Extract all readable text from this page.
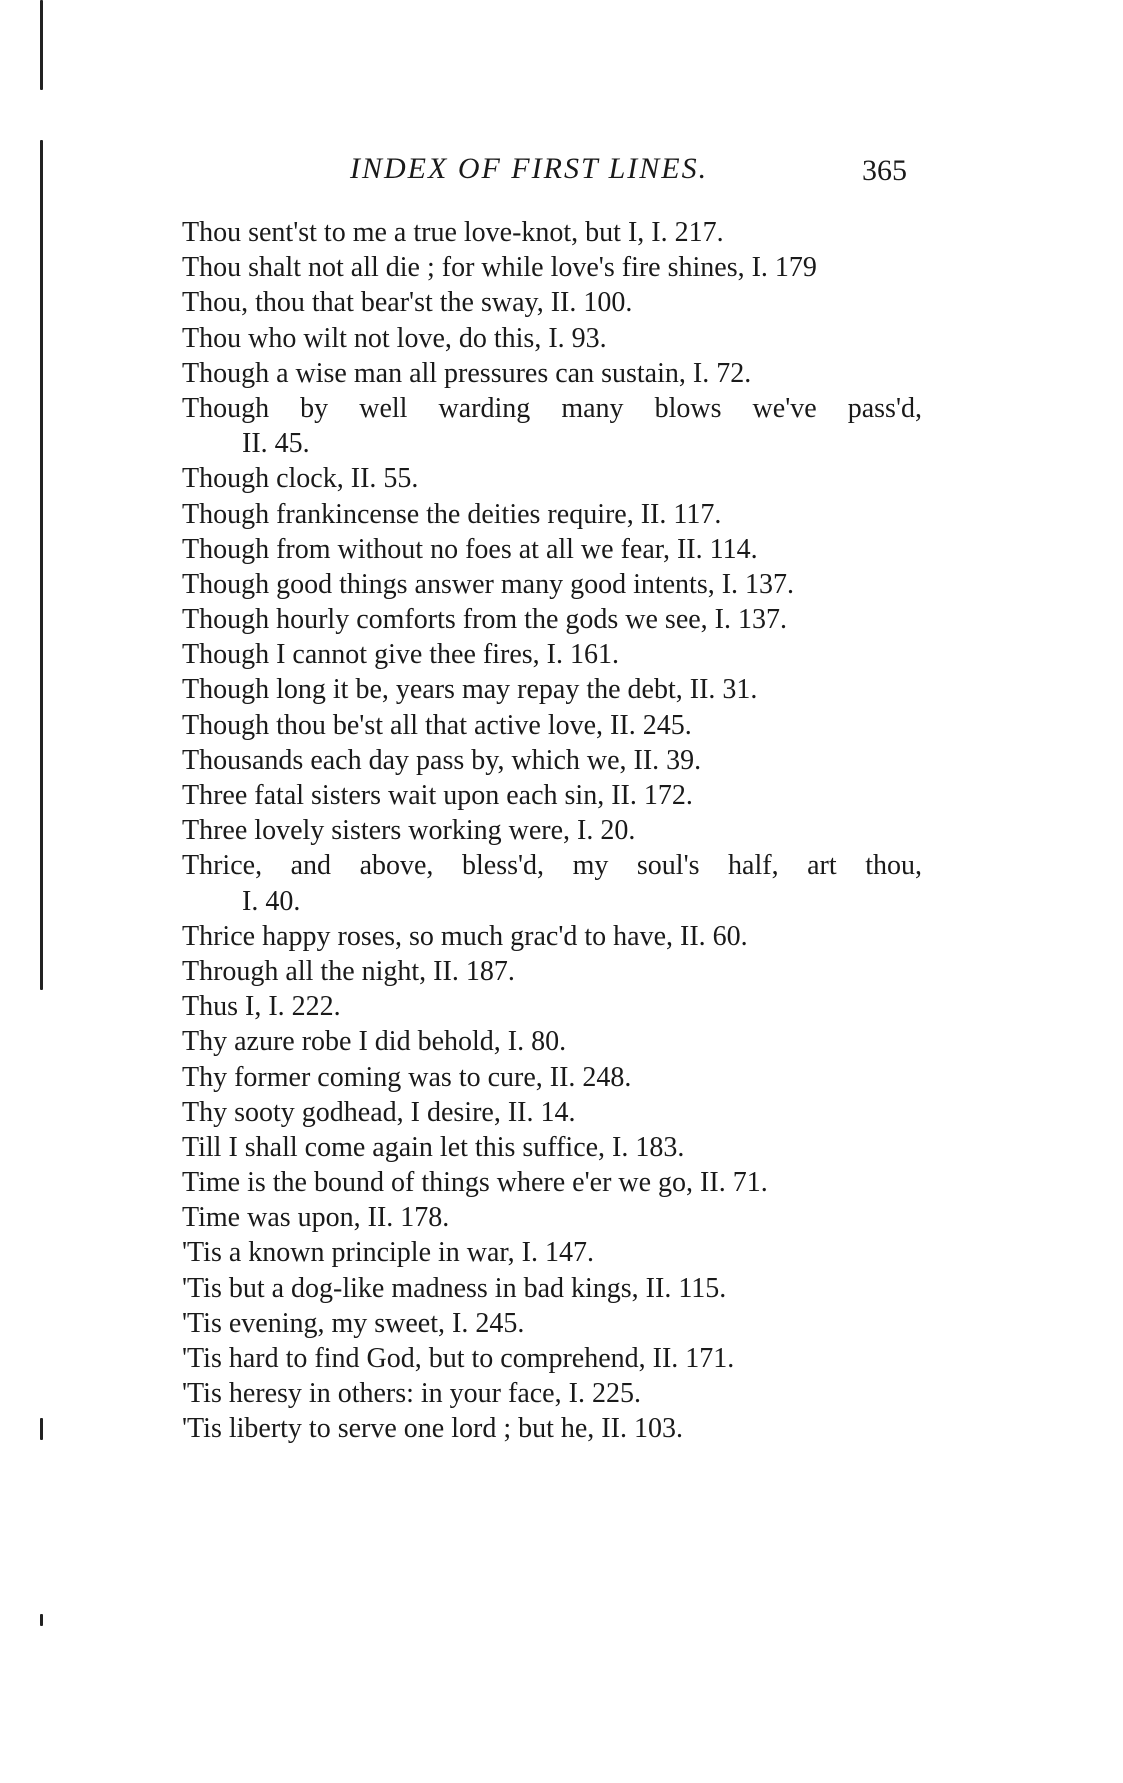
INDEX OF FIRST LINES.	365
Thou sent'st to me a true love-knot, but I, I. 217.
Thou shalt not all die ; for while love's fire shines, I. 179
Thou, thou that bear'st the sway, II. 100.
Thou who wilt not love, do this, I. 93.
Though a wise man all pressures can sustain, I. 72.
Though by well warding many blows we've pass'd,
II. 45.
Though clock, II. 55.
Though frankincense the deities require, II. 117.
Though from without no foes at all we fear, II. 114.
Though good things answer many good intents, I. 137.
Though hourly comforts from the gods we see, I. 137.
Though I cannot give thee fires, I. 161.
Though long it be, years may repay the debt, II. 31.
Though thou be'st all that active love, II. 245.
Thousands each day pass by, which we, II. 39.
Three fatal sisters wait upon each sin, II. 172.
Three lovely sisters working were, I. 20.
Thrice, and above, bless'd, my soul's half, art thou,
I. 40.
Thrice happy roses, so much grac'd to have, II. 60.
Through all the night, II. 187.
Thus I, I. 222.
Thy azure robe I did behold, I. 80.
Thy former coming was to cure, II. 248.
Thy sooty godhead, I desire, II. 14.
Till I shall come again let this suffice, I. 183.
Time is the bound of things where e'er we go, II. 71.
Time was upon, II. 178.
'Tis a known principle in war, I. 147.
'Tis but a dog-like madness in bad kings, II. 115.
'Tis evening, my sweet, I. 245.
'Tis hard to find God, but to comprehend, II. 171.
'Tis heresy in others: in your face, I. 225.
'Tis liberty to serve one lord ; but he, II. 103.
